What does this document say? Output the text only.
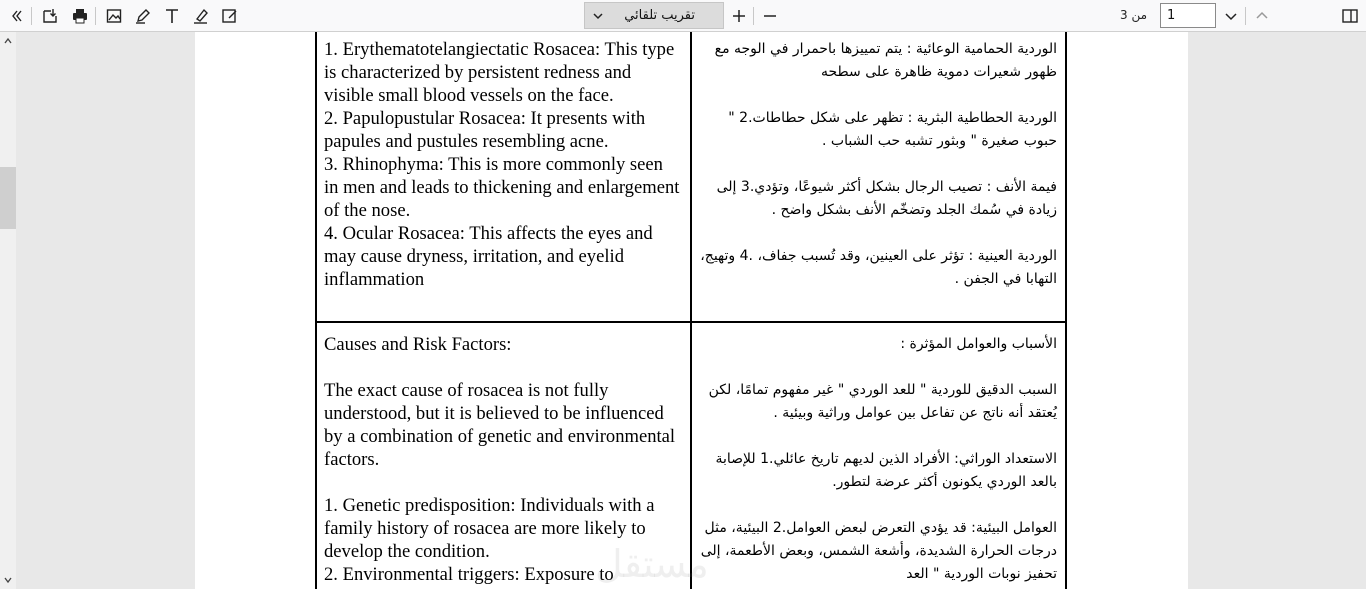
تقريب تلقائي	من 3
1

1. Erythematotelangiectatic Rosacea: This type is characterized by persistent redness and visible small blood vessels on the face.

2. Papulopustular Rosacea: It presents with papules and pustules resembling acne.

3. Rhinophyma: This is more commonly seen in men and leads to thickening and enlargement of the nose.

4. Ocular Rosacea: This affects the eyes and may cause dryness, irritation, and eyelid inflammation

الوردية الحمامية الوعائية : يتم تمييزها باحمرار في الوجه مع ظهور شعيرات دموية ظاهرة على سطحه

الوردية الحطاطية البثرية : تظهر على شكل حطاطات.2 " حبوب صغيرة " وبثور تشبه حب الشباب .

فيمة الأنف : تصيب الرجال بشكل أكثر شيوعًا، وتؤدي.3 إلى زيادة في سُمك الجلد وتضخّم الأنف بشكل واضح .

الوردية العينية : تؤثر على العينين، وقد تُسبب جفاف، .4 وتهيج، التهابا في الجفن .

Causes and Risk Factors:

The exact cause of rosacea is not fully understood, but it is believed to be influenced by a combination of genetic and environmental factors.

1. Genetic predisposition: Individuals with a family history of rosacea are more likely to develop the condition.

2. Environmental triggers: Exposure to

الأسباب والعوامل المؤثرة :

السبب الدقيق للوردية " للعد الوردي " غير مفهوم تمامًا، لكن يُعتقد أنه ناتج عن تفاعل بين عوامل وراثية وبيئية .

الاستعداد الوراثي: الأفراد الذين لديهم تاريخ عائلي.1 للإصابة بالعد الوردي يكونون أكثر عرضة لتطور.

العوامل البيئية: قد يؤدي التعرض لبعض العوامل.2 البيئية، مثل درجات الحرارة الشديدة، وأشعة الشمس، وبعض الأطعمة، إلى تحفيز نوبات الوردية " العد

مستقل
